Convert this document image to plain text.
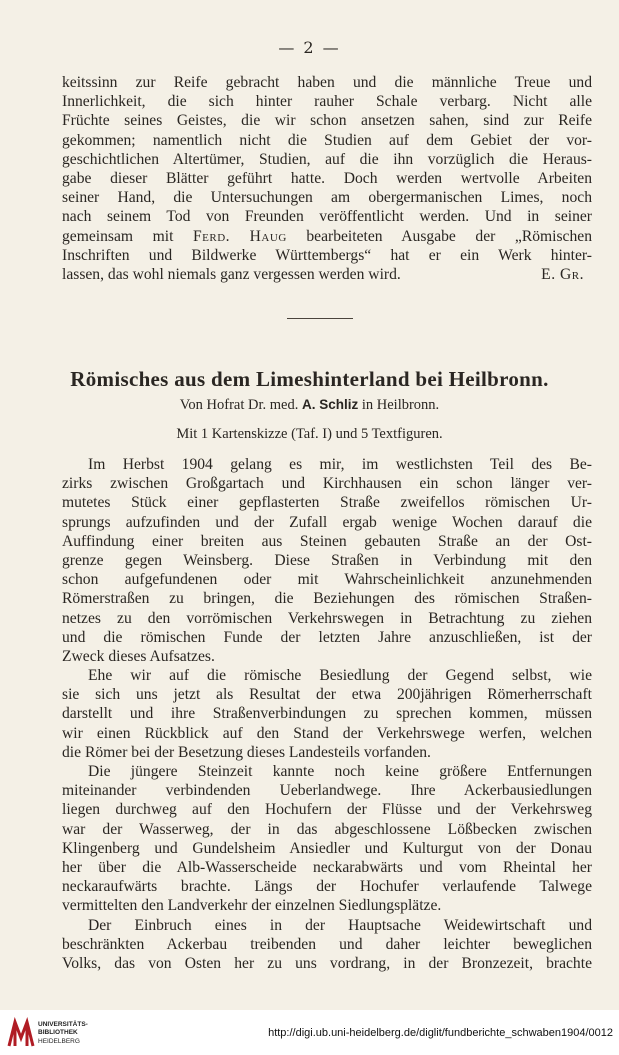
— 2 —
keitssinn zur Reife gebracht haben und die männliche Treue und
Innerlichkeit, die sich hinter rauher Schale verbarg. Nicht alle
Früchte seines Geistes, die wir schon ansetzen sahen, sind zur Reife
gekommen; namentlich nicht die Studien auf dem Gebiet der vor-
geschichtlichen Altertümer, Studien, auf die ihn vorzüglich die Heraus-
gabe dieser Blätter geführt hatte. Doch werden wertvolle Arbeiten
seiner Hand, die Untersuchungen am obergermanischen Limes, noch
nach seinem Tod von Freunden veröffentlicht werden. Und in seiner
gemeinsam mit Ferd. Haug bearbeiteten Ausgabe der „Römischen
Inschriften und Bildwerke Württembergs“ hat er ein Werk hinter-
lassen, das wohl niemals ganz vergessen werden wird.	E. Gr.
Römisches aus dem Limeshinterland bei Heilbronn.
Von Hofrat Dr. med. A. Schliz in Heilbronn.
Mit 1 Kartenskizze (Taf. I) und 5 Textfiguren.
Im Herbst 1904 gelang es mir, im westlichsten Teil des Be-
zirks zwischen Großgartach und Kirchhausen ein schon länger ver-
mutetes Stück einer gepflasterten Straße zweifellos römischen Ur-
sprungs aufzufinden und der Zufall ergab wenige Wochen darauf die
Auffindung einer breiten aus Steinen gebauten Straße an der Ost-
grenze gegen Weinsberg. Diese Straßen in Verbindung mit den
schon aufgefundenen oder mit Wahrscheinlichkeit anzunehmenden
Römerstraßen zu bringen, die Beziehungen des römischen Straßen-
netzes zu den vorrömischen Verkehrswegen in Betrachtung zu ziehen
und die römischen Funde der letzten Jahre anzuschließen, ist der
Zweck dieses Aufsatzes.
Ehe wir auf die römische Besiedlung der Gegend selbst, wie
sie sich uns jetzt als Resultat der etwa 200jährigen Römerherrschaft
darstellt und ihre Straßenverbindungen zu sprechen kommen, müssen
wir einen Rückblick auf den Stand der Verkehrswege werfen, welchen
die Römer bei der Besetzung dieses Landesteils vorfanden.
Die jüngere Steinzeit kannte noch keine größere Entfernungen
miteinander verbindenden Ueberlandwege. Ihre Ackerbausiedlungen
liegen durchweg auf den Hochufern der Flüsse und der Verkehrsweg
war der Wasserweg, der in das abgeschlossene Lößbecken zwischen
Klingenberg und Gundelsheim Ansiedler und Kulturgut von der Donau
her über die Alb-Wasserscheide neckarabwärts und vom Rheintal her
neckaraufwärts brachte. Längs der Hochufer verlaufende Talwege
vermittelten den Landverkehr der einzelnen Siedlungsplätze.
Der Einbruch eines in der Hauptsache Weidewirtschaft und
beschränkten Ackerbau treibenden und daher leichter beweglichen
Volks, das von Osten her zu uns vordrang, in der Bronzezeit, brachte
UNIVERSITÄTS-
BIBLIOTHEK
HEIDELBERG
http://digi.ub.uni-heidelberg.de/diglit/fundberichte_schwaben1904/0012
